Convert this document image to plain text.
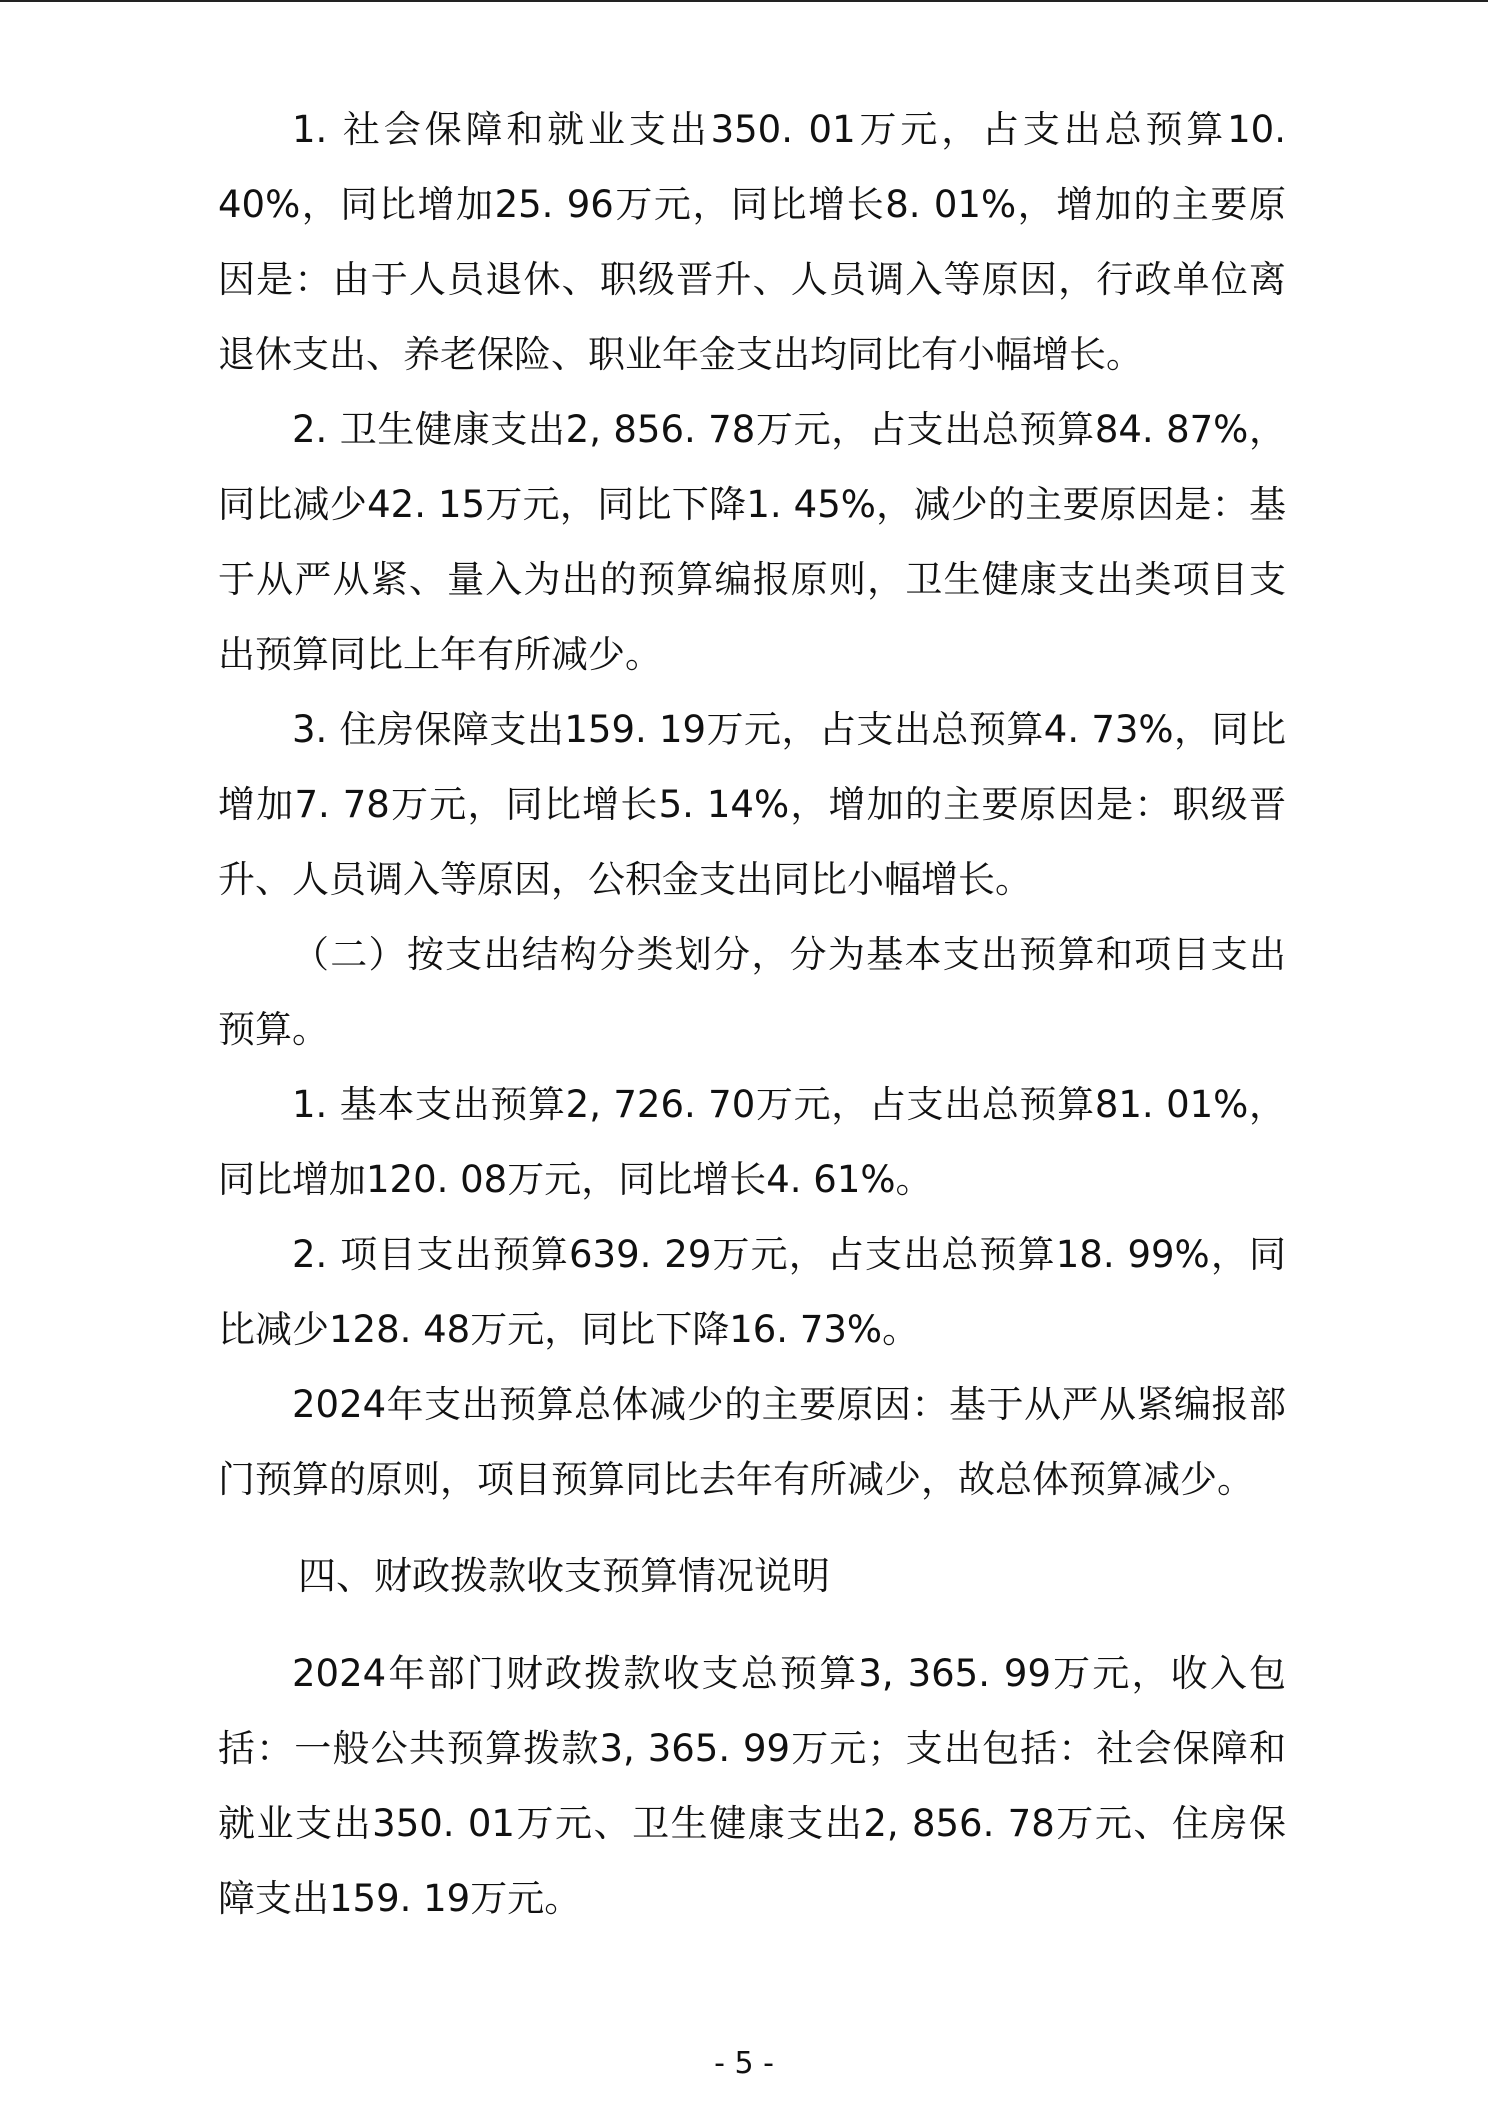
1. 社会保障和就业支出350. 01万元，占支出总预算10. 40%，同比增加25. 96万元，同比增长8. 01%，增加的主要原因是：由于人员退休、职级晋升、人员调入等原因，行政单位离退休支出、养老保险、职业年金支出均同比有小幅增长。

2. 卫生健康支出2, 856. 78万元，占支出总预算84. 87%，同比减少42. 15万元，同比下降1. 45%，减少的主要原因是：基于从严从紧、量入为出的预算编报原则，卫生健康支出类项目支出预算同比上年有所减少。

3. 住房保障支出159. 19万元，占支出总预算4. 73%，同比增加7. 78万元，同比增长5. 14%，增加的主要原因是：职级晋升、人员调入等原因，公积金支出同比小幅增长。

（二）按支出结构分类划分，分为基本支出预算和项目支出预算。

1. 基本支出预算2, 726. 70万元，占支出总预算81. 01%，同比增加120. 08万元，同比增长4. 61%。

2. 项目支出预算639. 29万元，占支出总预算18. 99%，同比减少128. 48万元，同比下降16. 73%。

2024年支出预算总体减少的主要原因：基于从严从紧编报部门预算的原则，项目预算同比去年有所减少，故总体预算减少。

四、财政拨款收支预算情况说明

2024年部门财政拨款收支总预算3, 365. 99万元，收入包括：一般公共预算拨款3, 365. 99万元；支出包括：社会保障和就业支出350. 01万元、卫生健康支出2, 856. 78万元、住房保障支出159. 19万元。

- 5 -
